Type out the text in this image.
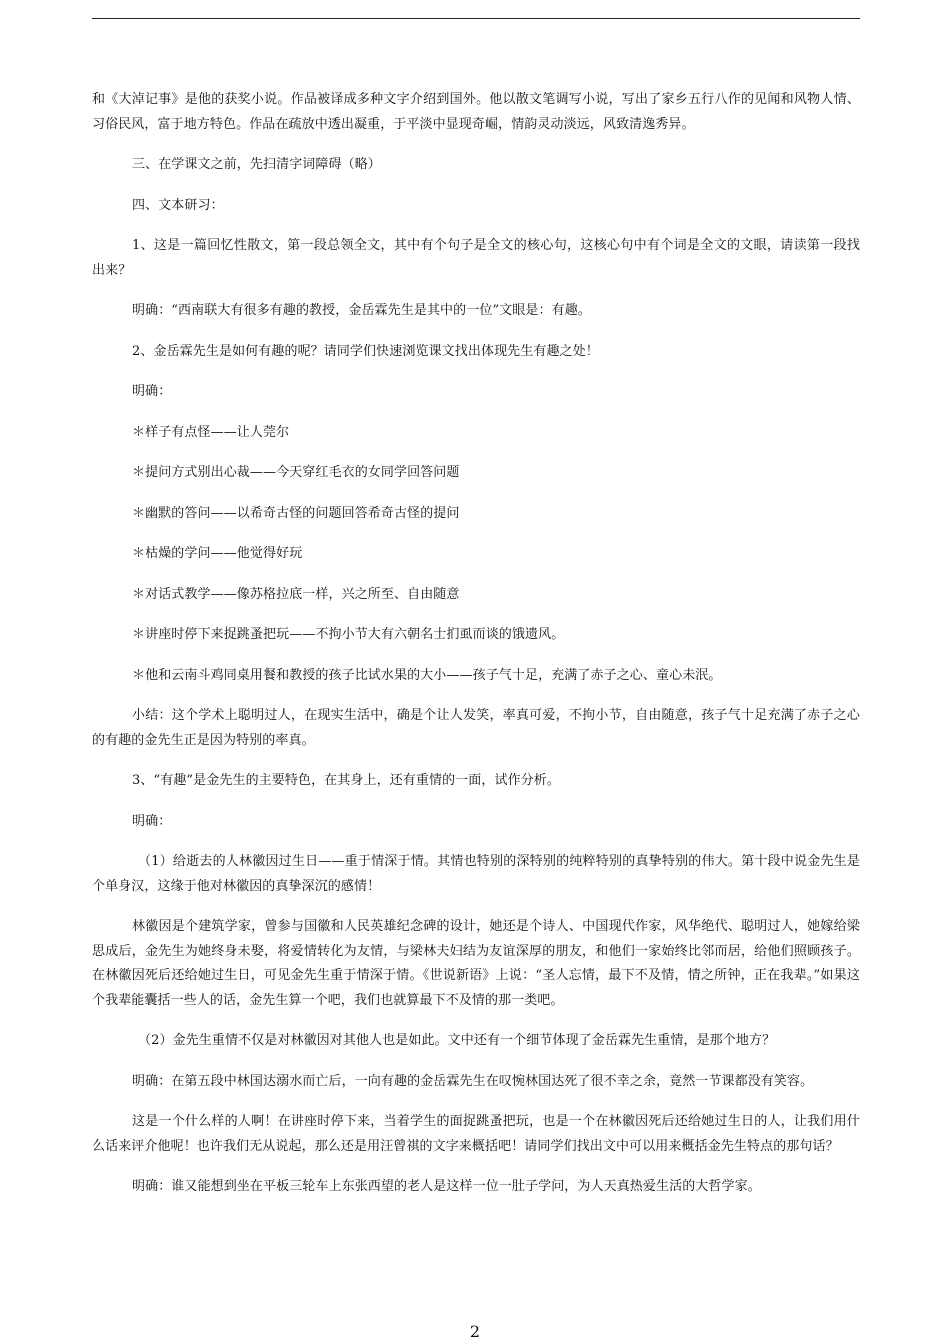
和《大淖记事》是他的获奖小说。作品被译成多种文字介绍到国外。他以散文笔调写小说，写出了家乡五行八作的见闻和风物人情、习俗民风，富于地方特色。作品在疏放中透出凝重，于平淡中显现奇崛，情韵灵动淡远，风致清逸秀异。

三、在学课文之前，先扫清字词障碍（略）

四、文本研习：

1、这是一篇回忆性散文，第一段总领全文，其中有个句子是全文的核心句，这核心句中有个词是全文的文眼，请读第一段找出来？

明确：“西南联大有很多有趣的教授，金岳霖先生是其中的一位”文眼是：有趣。

2、金岳霖先生是如何有趣的呢？请同学们快速浏览课文找出体现先生有趣之处！

明确：

＊样子有点怪——让人莞尔

＊提问方式别出心裁——今天穿红毛衣的女同学回答问题

＊幽默的答问——以希奇古怪的问题回答希奇古怪的提问

＊枯燥的学问——他觉得好玩

＊对话式教学——像苏格拉底一样，兴之所至、自由随意

＊讲座时停下来捉跳蚤把玩——不拘小节大有六朝名士扪虱而谈的饿遗风。

＊他和云南斗鸡同桌用餐和教授的孩子比试水果的大小——孩子气十足，充满了赤子之心、童心未泯。

小结：这个学术上聪明过人，在现实生活中，确是个让人发笑，率真可爱，不拘小节，自由随意，孩子气十足充满了赤子之心的有趣的金先生正是因为特别的率真。

3、“有趣”是金先生的主要特色，在其身上，还有重情的一面，试作分析。

明确：

（1）给逝去的人林徽因过生日——重于情深于情。其情也特别的深特别的纯粹特别的真挚特别的伟大。第十段中说金先生是个单身汉，这缘于他对林徽因的真挚深沉的感情！

林徽因是个建筑学家，曾参与国徽和人民英雄纪念碑的设计，她还是个诗人、中国现代作家，风华绝代、聪明过人，她嫁给梁思成后，金先生为她终身未娶，将爱情转化为友情，与梁林夫妇结为友谊深厚的朋友，和他们一家始终比邻而居，给他们照顾孩子。在林徽因死后还给她过生日，可见金先生重于情深于情。《世说新语》上说：“圣人忘情，最下不及情，情之所钟，正在我辈。”如果这个我辈能囊括一些人的话，金先生算一个吧，我们也就算最下不及情的那一类吧。

（2）金先生重情不仅是对林徽因对其他人也是如此。文中还有一个细节体现了金岳霖先生重情，是那个地方？

明确：在第五段中林国达溺水而亡后，一向有趣的金岳霖先生在叹惋林国达死了很不幸之余，竟然一节课都没有笑容。

这是一个什么样的人啊！在讲座时停下来，当着学生的面捉跳蚤把玩，也是一个在林徽因死后还给她过生日的人，让我们用什么话来评介他呢！也许我们无从说起，那么还是用汪曾祺的文字来概括吧！请同学们找出文中可以用来概括金先生特点的那句话？

明确：谁又能想到坐在平板三轮车上东张西望的老人是这样一位一肚子学问，为人天真热爱生活的大哲学家。

2
